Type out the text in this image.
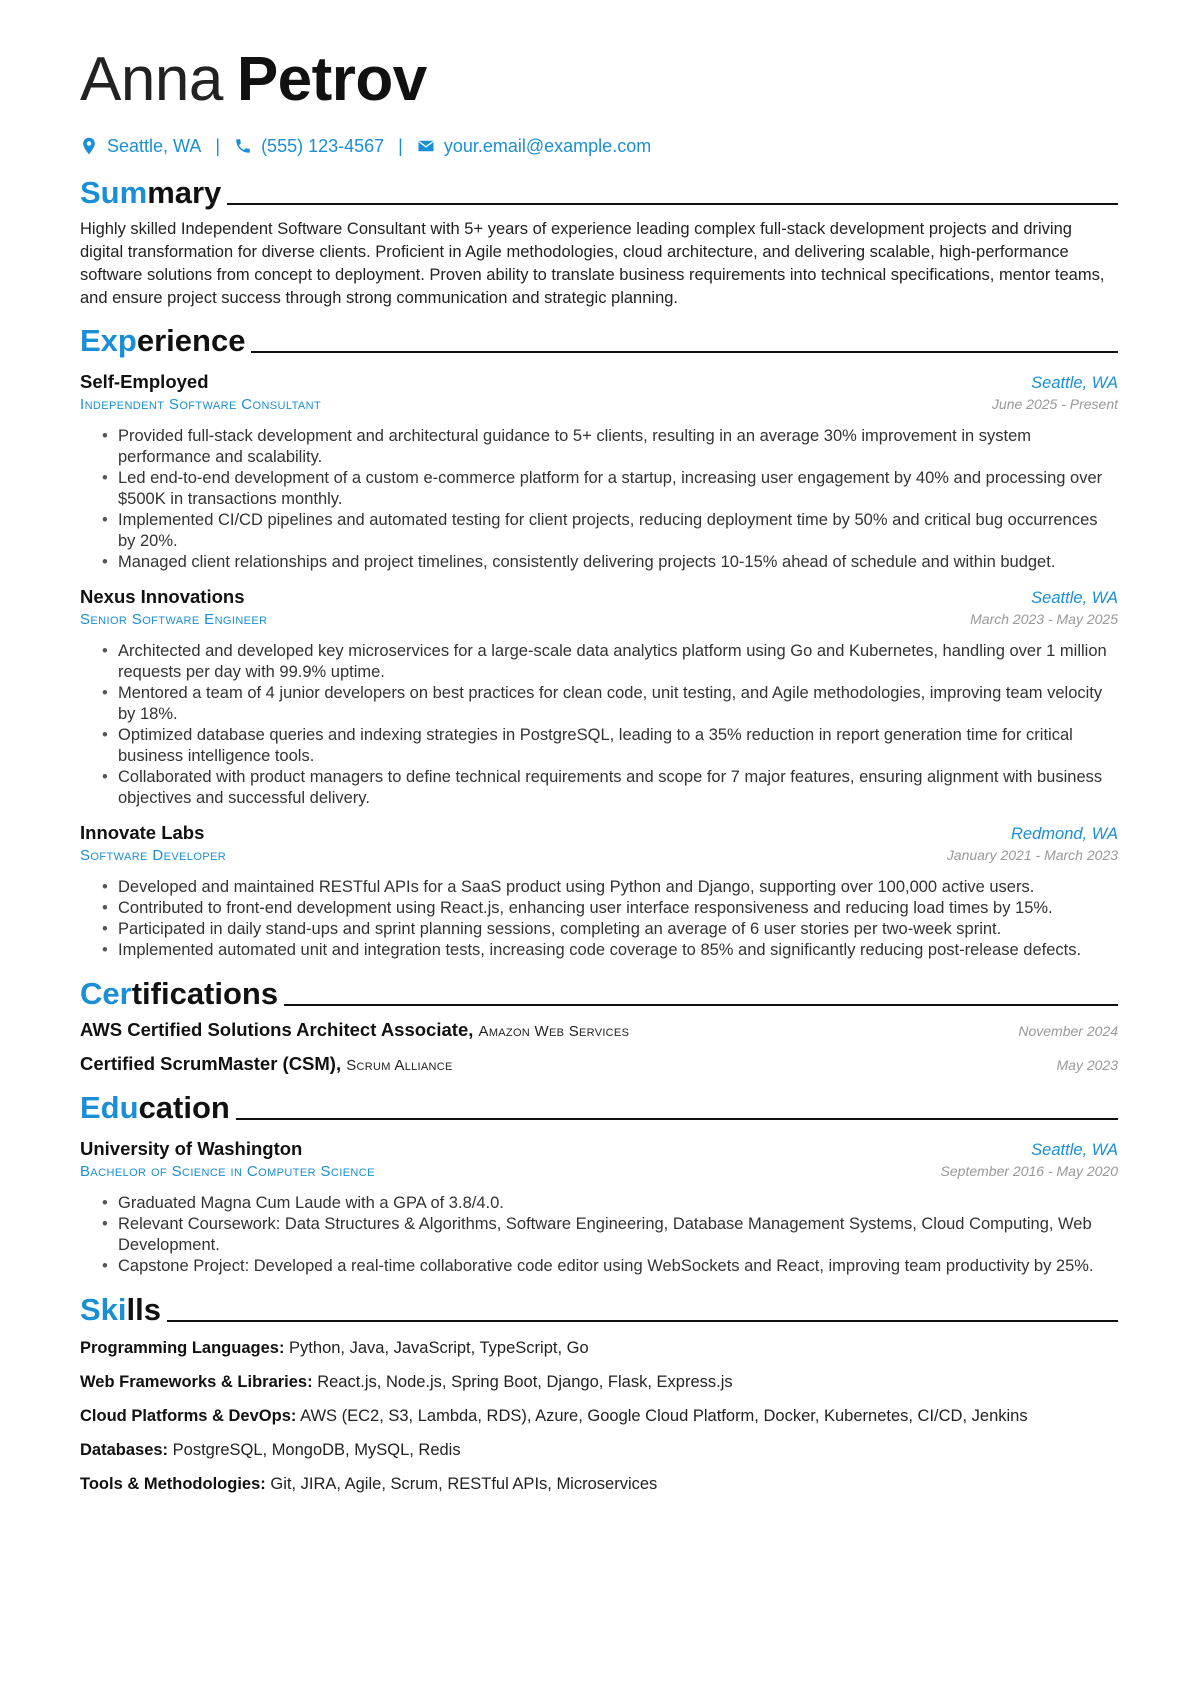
Anna Petrov
Seattle, WA | (555) 123-4567 | your.email@example.com
Summary
Highly skilled Independent Software Consultant with 5+ years of experience leading complex full-stack development projects and driving digital transformation for diverse clients. Proficient in Agile methodologies, cloud architecture, and delivering scalable, high-performance software solutions from concept to deployment. Proven ability to translate business requirements into technical specifications, mentor teams, and ensure project success through strong communication and strategic planning.
Experience
Self-Employed	Seattle, WA
Independent Software Consultant	June 2025 - Present
• Provided full-stack development and architectural guidance to 5+ clients, resulting in an average 30% improvement in system performance and scalability.
• Led end-to-end development of a custom e-commerce platform for a startup, increasing user engagement by 40% and processing over $500K in transactions monthly.
• Implemented CI/CD pipelines and automated testing for client projects, reducing deployment time by 50% and critical bug occurrences by 20%.
• Managed client relationships and project timelines, consistently delivering projects 10-15% ahead of schedule and within budget.
Nexus Innovations	Seattle, WA
Senior Software Engineer	March 2023 - May 2025
• Architected and developed key microservices for a large-scale data analytics platform using Go and Kubernetes, handling over 1 million requests per day with 99.9% uptime.
• Mentored a team of 4 junior developers on best practices for clean code, unit testing, and Agile methodologies, improving team velocity by 18%.
• Optimized database queries and indexing strategies in PostgreSQL, leading to a 35% reduction in report generation time for critical business intelligence tools.
• Collaborated with product managers to define technical requirements and scope for 7 major features, ensuring alignment with business objectives and successful delivery.
Innovate Labs	Redmond, WA
Software Developer	January 2021 - March 2023
• Developed and maintained RESTful APIs for a SaaS product using Python and Django, supporting over 100,000 active users.
• Contributed to front-end development using React.js, enhancing user interface responsiveness and reducing load times by 15%.
• Participated in daily stand-ups and sprint planning sessions, completing an average of 6 user stories per two-week sprint.
• Implemented automated unit and integration tests, increasing code coverage to 85% and significantly reducing post-release defects.
Certifications
AWS Certified Solutions Architect Associate, Amazon Web Services	November 2024
Certified ScrumMaster (CSM), Scrum Alliance	May 2023
Education
University of Washington	Seattle, WA
Bachelor of Science in Computer Science	September 2016 - May 2020
• Graduated Magna Cum Laude with a GPA of 3.8/4.0.
• Relevant Coursework: Data Structures & Algorithms, Software Engineering, Database Management Systems, Cloud Computing, Web Development.
• Capstone Project: Developed a real-time collaborative code editor using WebSockets and React, improving team productivity by 25%.
Skills
Programming Languages: Python, Java, JavaScript, TypeScript, Go
Web Frameworks & Libraries: React.js, Node.js, Spring Boot, Django, Flask, Express.js
Cloud Platforms & DevOps: AWS (EC2, S3, Lambda, RDS), Azure, Google Cloud Platform, Docker, Kubernetes, CI/CD, Jenkins
Databases: PostgreSQL, MongoDB, MySQL, Redis
Tools & Methodologies: Git, JIRA, Agile, Scrum, RESTful APIs, Microservices
